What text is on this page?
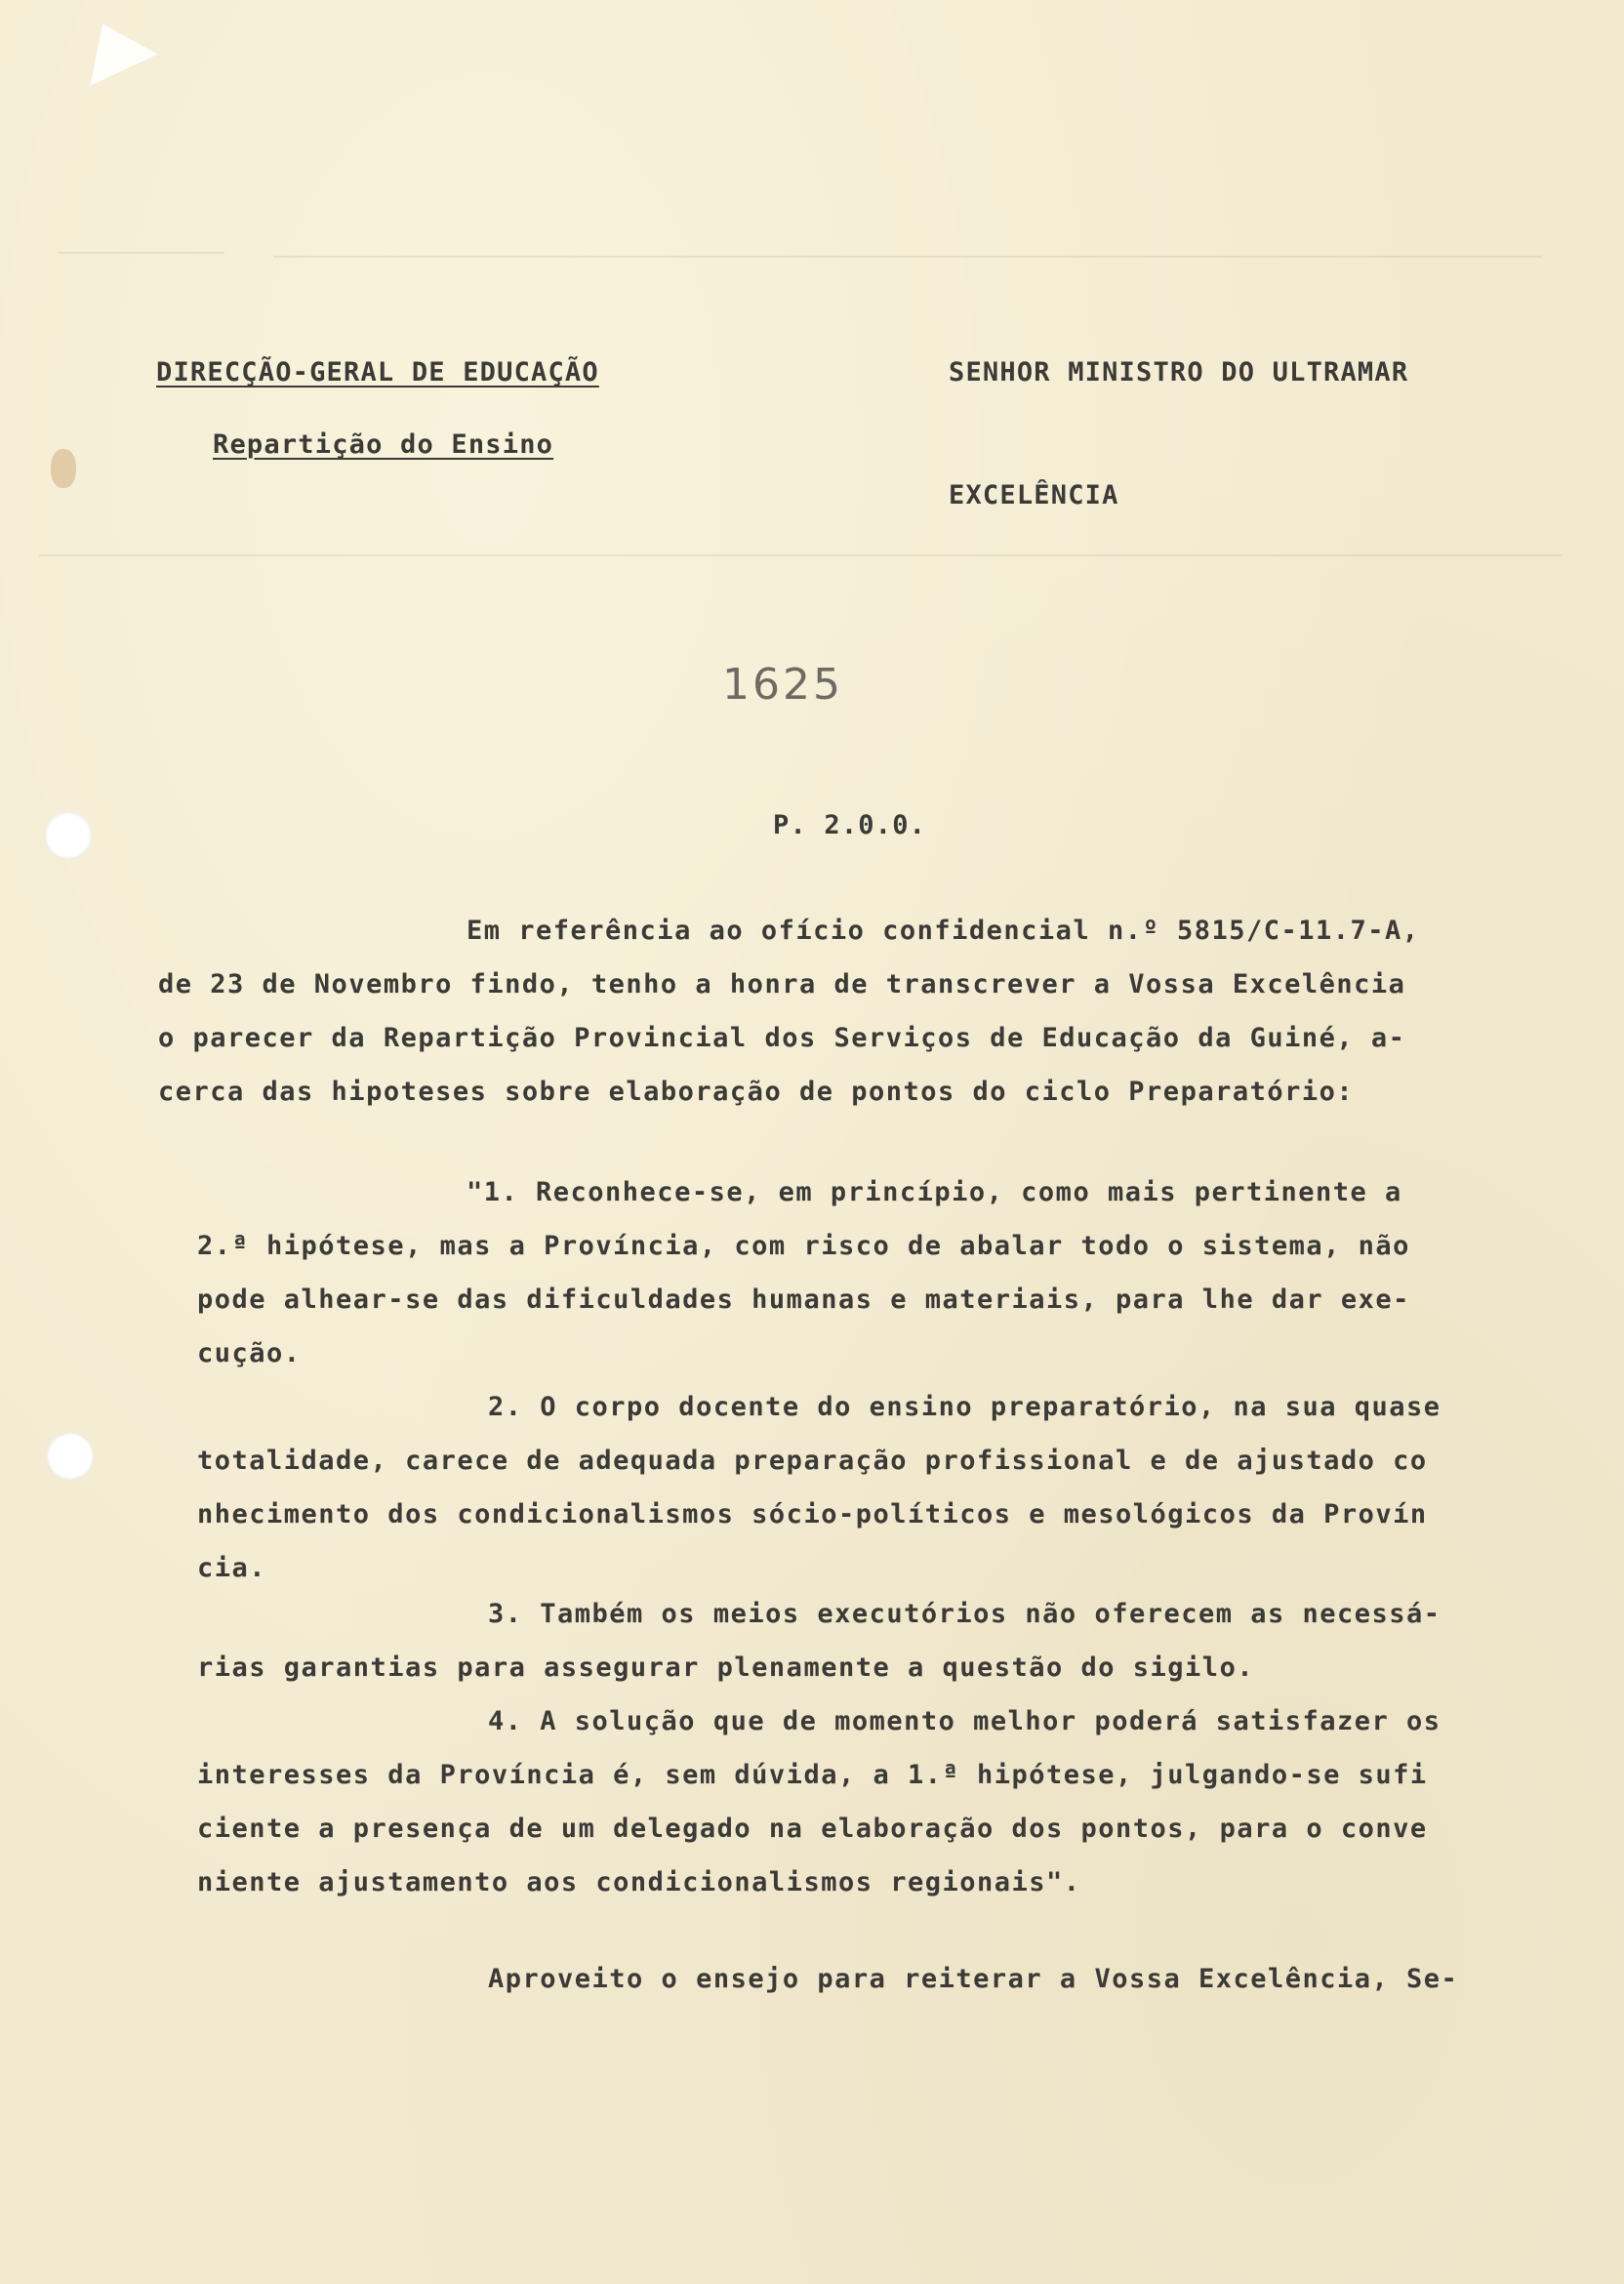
DIRECÇÃO-GERAL DE EDUCAÇÃO
Repartição do Ensino
SENHOR MINISTRO DO ULTRAMAR
EXCELÊNCIA
1625
P. 2.0.0.
Em referência ao ofício confidencial n.º 5815/C-11.7-A,
de 23 de Novembro findo, tenho a honra de transcrever a Vossa Excelência
o parecer da Repartição Provincial dos Serviços de Educação da Guiné, a-
cerca das hipoteses sobre elaboração de pontos do ciclo Preparatório:
"1. Reconhece-se, em princípio, como mais pertinente a
2.ª hipótese, mas a Província, com risco de abalar todo o sistema, não
pode alhear-se das dificuldades humanas e materiais, para lhe dar exe-
cução.
2. O corpo docente do ensino preparatório, na sua quase
totalidade, carece de adequada preparação profissional e de ajustado co
nhecimento dos condicionalismos sócio-políticos e mesológicos da Provín
cia.
3. Também os meios executórios não oferecem as necessá-
rias garantias para assegurar plenamente a questão do sigilo.
4. A solução que de momento melhor poderá satisfazer os
interesses da Província é, sem dúvida, a 1.ª hipótese, julgando-se sufi
ciente a presença de um delegado na elaboração dos pontos, para o conve
niente ajustamento aos condicionalismos regionais".
Aproveito o ensejo para reiterar a Vossa Excelência, Se-
